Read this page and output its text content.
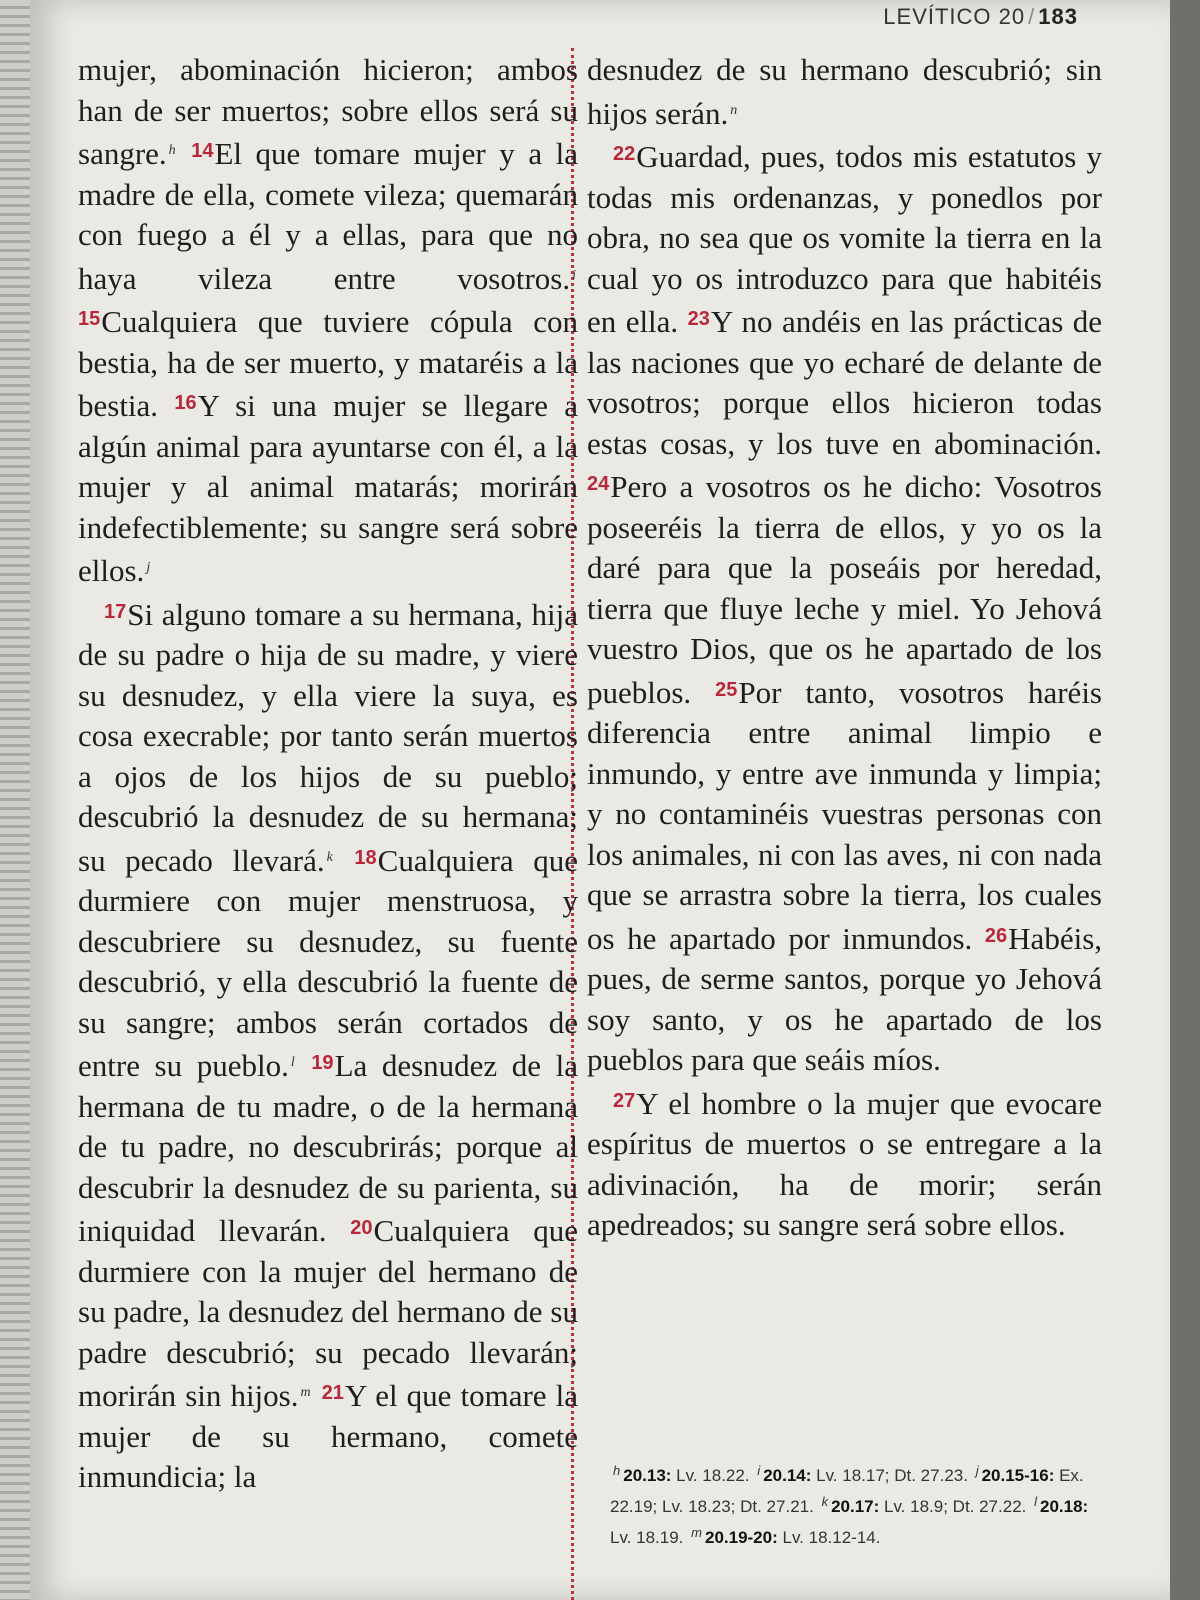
LEVÍTICO 20 / 183

mujer, abominación hicieron; ambos han de ser muertos; sobre ellos será su sangre. $^h$ $^{14}$El que tomare mujer y a la madre de ella, comete vileza; quemarán con fuego a él y a ellas, para que no haya vileza entre vosotros. $^i$ $^{15}$Cualquiera que tuviere cópula con bestia, ha de ser muerto, y mataréis a la bestia. $^{16}$Y si una mujer se llegare a algún animal para ayuntarse con él, a la mujer y al animal matarás; morirán indefectiblemente; su sangre será sobre ellos. $^j$
$^{17}$Si alguno tomare a su hermana, hija de su padre o hija de su madre, y viere su desnudez, y ella viere la suya, es cosa execrable; por tanto serán muertos a ojos de los hijos de su pueblo; descubrió la desnudez de su hermana; su pecado llevará. $^k$ $^{18}$Cualquiera que durmiere con mujer menstruosa, y descubriere su desnudez, su fuente descubrió, y ella descubrió la fuente de su sangre; ambos serán cortados de entre su pueblo. $^l$ $^{19}$La desnudez de la hermana de tu madre, o de la hermana de tu padre, no descubrirás; porque al descubrir la desnudez de su parienta, su iniquidad llevarán. $^{20}$Cualquiera que durmiere con la mujer del hermano de su padre, la desnudez del hermano de su padre descubrió; su pecado llevarán; morirán sin hijos. $^m$ $^{21}$Y el que tomare la mujer de su hermano, comete inmundicia; la

desnudez de su hermano descubrió; sin hijos serán. $^n$
$^{22}$Guardad, pues, todos mis estatutos y todas mis ordenanzas, y ponedlos por obra, no sea que os vomite la tierra en la cual yo os introduzco para que habitéis en ella. $^{23}$Y no andéis en las prácticas de las naciones que yo echaré de delante de vosotros; porque ellos hicieron todas estas cosas, y los tuve en abominación. $^{24}$Pero a vosotros os he dicho: Vosotros poseeréis la tierra de ellos, y yo os la daré para que la poseáis por heredad, tierra que fluye leche y miel. Yo Jehová vuestro Dios, que os he apartado de los pueblos. $^{25}$Por tanto, vosotros haréis diferencia entre animal limpio e inmundo, y entre ave inmunda y limpia; y no contaminéis vuestras personas con los animales, ni con las aves, ni con nada que se arrastra sobre la tierra, los cuales os he apartado por inmundos. $^{26}$Habéis, pues, de serme santos, porque yo Jehová soy santo, y os he apartado de los pueblos para que seáis míos.
$^{27}$Y el hombre o la mujer que evocare espíritus de muertos o se entregare a la adivinación, ha de morir; serán apedreados; su sangre será sobre ellos.

$^h$ 20.13: Lv. 18.22. $^i$ 20.14: Lv. 18.17; Dt. 27.23. $^j$ 20.15-16: Ex. 22.19; Lv. 18.23; Dt. 27.21. $^k$ 20.17: Lv. 18.9; Dt. 27.22. $^l$ 20.18: Lv. 18.19. $^m$ 20.19-20: Lv. 18.12-14.
